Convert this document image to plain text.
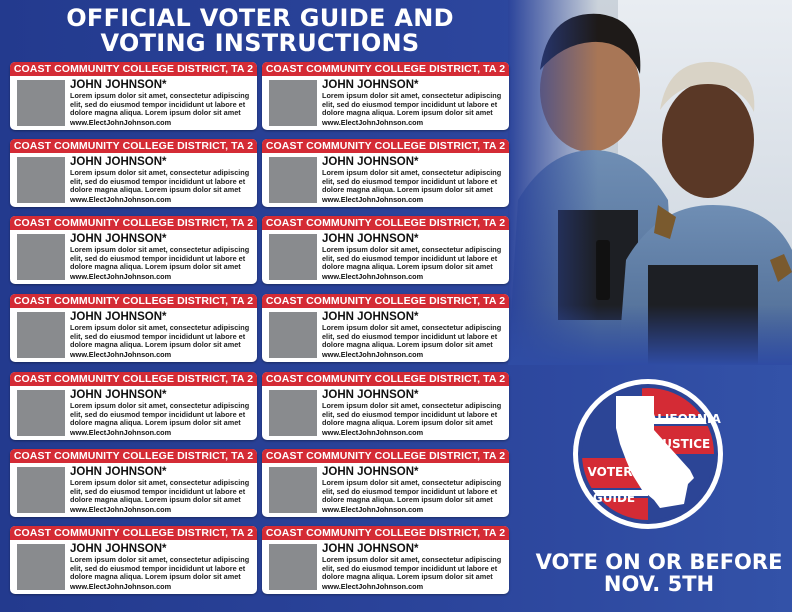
OFFICIAL VOTER GUIDE AND
VOTING INSTRUCTIONS
COAST COMMUNITY COLLEGE DISTRICT, TA 2
JOHN JOHNSON*
Lorem ipsum dolor sit amet, consectetur adipiscing elit, sed do eiusmod tempor incididunt ut labore et dolore magna aliqua. Lorem ipsum dolor sit amet
www.ElectJohnJohnson.com
COAST COMMUNITY COLLEGE DISTRICT, TA 2
JOHN JOHNSON*
Lorem ipsum dolor sit amet, consectetur adipiscing elit, sed do eiusmod tempor incididunt ut labore et dolore magna aliqua. Lorem ipsum dolor sit amet
www.ElectJohnJohnson.com
COAST COMMUNITY COLLEGE DISTRICT, TA 2
JOHN JOHNSON*
Lorem ipsum dolor sit amet, consectetur adipiscing elit, sed do eiusmod tempor incididunt ut labore et dolore magna aliqua. Lorem ipsum dolor sit amet
www.ElectJohnJohnson.com
COAST COMMUNITY COLLEGE DISTRICT, TA 2
JOHN JOHNSON*
Lorem ipsum dolor sit amet, consectetur adipiscing elit, sed do eiusmod tempor incididunt ut labore et dolore magna aliqua. Lorem ipsum dolor sit amet
www.ElectJohnJohnson.com
COAST COMMUNITY COLLEGE DISTRICT, TA 2
JOHN JOHNSON*
Lorem ipsum dolor sit amet, consectetur adipiscing elit, sed do eiusmod tempor incididunt ut labore et dolore magna aliqua. Lorem ipsum dolor sit amet
www.ElectJohnJohnson.com
COAST COMMUNITY COLLEGE DISTRICT, TA 2
JOHN JOHNSON*
Lorem ipsum dolor sit amet, consectetur adipiscing elit, sed do eiusmod tempor incididunt ut labore et dolore magna aliqua. Lorem ipsum dolor sit amet
www.ElectJohnJohnson.com
COAST COMMUNITY COLLEGE DISTRICT, TA 2
JOHN JOHNSON*
Lorem ipsum dolor sit amet, consectetur adipiscing elit, sed do eiusmod tempor incididunt ut labore et dolore magna aliqua. Lorem ipsum dolor sit amet
www.ElectJohnJohnson.com
COAST COMMUNITY COLLEGE DISTRICT, TA 2
JOHN JOHNSON*
Lorem ipsum dolor sit amet, consectetur adipiscing elit, sed do eiusmod tempor incididunt ut labore et dolore magna aliqua. Lorem ipsum dolor sit amet
www.ElectJohnJohnson.com
COAST COMMUNITY COLLEGE DISTRICT, TA 2
JOHN JOHNSON*
Lorem ipsum dolor sit amet, consectetur adipiscing elit, sed do eiusmod tempor incididunt ut labore et dolore magna aliqua. Lorem ipsum dolor sit amet
www.ElectJohnJohnson.com
COAST COMMUNITY COLLEGE DISTRICT, TA 2
JOHN JOHNSON*
Lorem ipsum dolor sit amet, consectetur adipiscing elit, sed do eiusmod tempor incididunt ut labore et dolore magna aliqua. Lorem ipsum dolor sit amet
www.ElectJohnJohnson.com
COAST COMMUNITY COLLEGE DISTRICT, TA 2
JOHN JOHNSON*
Lorem ipsum dolor sit amet, consectetur adipiscing elit, sed do eiusmod tempor incididunt ut labore et dolore magna aliqua. Lorem ipsum dolor sit amet
www.ElectJohnJohnson.com
COAST COMMUNITY COLLEGE DISTRICT, TA 2
JOHN JOHNSON*
Lorem ipsum dolor sit amet, consectetur adipiscing elit, sed do eiusmod tempor incididunt ut labore et dolore magna aliqua. Lorem ipsum dolor sit amet
www.ElectJohnJohnson.com
COAST COMMUNITY COLLEGE DISTRICT, TA 2
JOHN JOHNSON*
Lorem ipsum dolor sit amet, consectetur adipiscing elit, sed do eiusmod tempor incididunt ut labore et dolore magna aliqua. Lorem ipsum dolor sit amet
www.ElectJohnJohnson.com
COAST COMMUNITY COLLEGE DISTRICT, TA 2
JOHN JOHNSON*
Lorem ipsum dolor sit amet, consectetur adipiscing elit, sed do eiusmod tempor incididunt ut labore et dolore magna aliqua. Lorem ipsum dolor sit amet
www.ElectJohnJohnson.com
CALIFORNIA
JUSTICE
VOTER
GUIDE
VOTE ON OR BEFORE
NOV. 5TH
